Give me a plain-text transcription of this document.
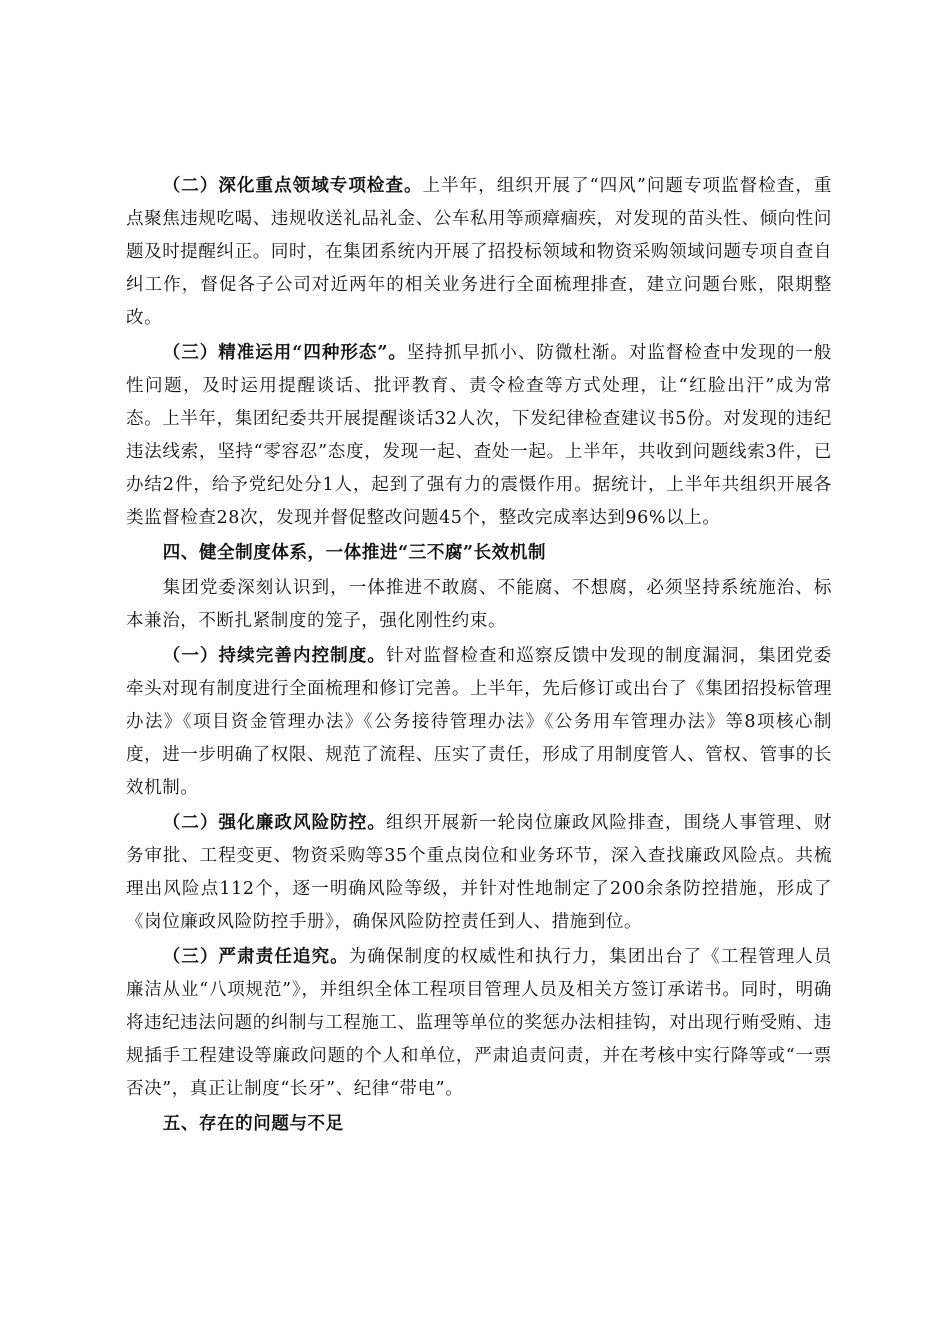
（二）深化重点领域专项检查。上半年，组织开展了“四风”问题专项监督检查，重点聚焦违规吃喝、违规收送礼品礼金、公车私用等顽瘴痼疾，对发现的苗头性、倾向性问题及时提醒纠正。同时，在集团系统内开展了招投标领域和物资采购领域问题专项自查自纠工作，督促各子公司对近两年的相关业务进行全面梳理排查，建立问题台账，限期整改。

（三）精准运用“四种形态”。坚持抓早抓小、防微杜渐。对监督检查中发现的一般性问题，及时运用提醒谈话、批评教育、责令检查等方式处理，让“红脸出汗”成为常态。上半年，集团纪委共开展提醒谈话32人次，下发纪律检查建议书5份。对发现的违纪违法线索，坚持“零容忍”态度，发现一起、查处一起。上半年，共收到问题线索3件，已办结2件，给予党纪处分1人，起到了强有力的震慑作用。据统计，上半年共组织开展各类监督检查28次，发现并督促整改问题45个，整改完成率达到96%以上。

四、健全制度体系，一体推进“三不腐”长效机制

集团党委深刻认识到，一体推进不敢腐、不能腐、不想腐，必须坚持系统施治、标本兼治，不断扎紧制度的笼子，强化刚性约束。

（一）持续完善内控制度。针对监督检查和巡察反馈中发现的制度漏洞，集团党委牵头对现有制度进行全面梳理和修订完善。上半年，先后修订或出台了《集团招投标管理办法》《项目资金管理办法》《公务接待管理办法》《公务用车管理办法》等8项核心制度，进一步明确了权限、规范了流程、压实了责任，形成了用制度管人、管权、管事的长效机制。

（二）强化廉政风险防控。组织开展新一轮岗位廉政风险排查，围绕人事管理、财务审批、工程变更、物资采购等35个重点岗位和业务环节，深入查找廉政风险点。共梳理出风险点112个，逐一明确风险等级，并针对性地制定了200余条防控措施，形成了《岗位廉政风险防控手册》，确保风险防控责任到人、措施到位。

（三）严肃责任追究。为确保制度的权威性和执行力，集团出台了《工程管理人员廉洁从业“八项规范”》，并组织全体工程项目管理人员及相关方签订承诺书。同时，明确将违纪违法问题的纠制与工程施工、监理等单位的奖惩办法相挂钩，对出现行贿受贿、违规插手工程建设等廉政问题的个人和单位，严肃追责问责，并在考核中实行降等或“一票否决”，真正让制度“长牙”、纪律“带电”。

五、存在的问题与不足
